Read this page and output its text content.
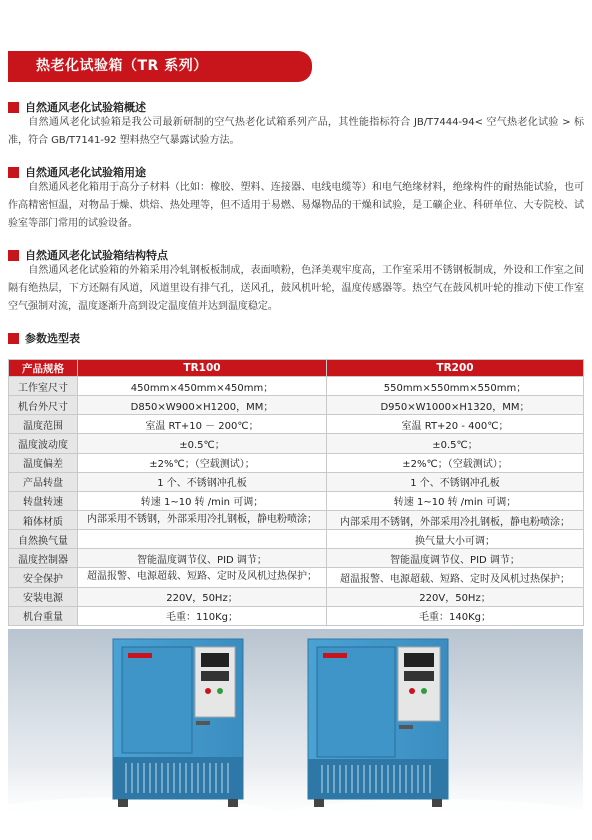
热老化试验箱（TR 系列）
自然通风老化试验箱概述

自然通风老化试验箱是我公司最新研制的空气热老化试箱系列产品，其性能指标符合 JB/T7444-94< 空气热老化试验 > 标准，符合 GB/T7141-92 塑料热空气暴露试验方法。

自然通风老化试验箱用途

自然通风老化箱用于高分子材料（比如：橡胶、塑料、连接器、电线电缆等）和电气绝缘材料，绝缘构件的耐热能试验，也可作高精密恒温，对物品于燥、烘焙、热处理等，但不适用于易燃、易爆物品的干燥和试验，是工礦企业、科研单位、大专院校、试验室等部门常用的试验设备。

自然通风老化试验箱结构特点

自然通风老化试验箱的外箱采用冷轧钢板板制成，表面喷粉，色泽美观牢度高，工作室采用不锈钢板制成，外设和工作室之间隔有绝热层，下方还隔有风道，风道里设有排气孔，送风孔，鼓风机叶轮，温度传感器等。热空气在鼓风机叶轮的推动下使工作室空气强制对流，温度逐渐升高到设定温度值并达到温度稳定。

参数选型表
产品规格	TR100	TR200
工作室尺寸	450mm×450mm×450mm；	550mm×550mm×550mm；
机台外尺寸	D850×W900×H1200，MM；	D950×W1000×H1320，MM；
温度范围	室温 RT+10 － 200℃；	室温 RT+20 - 400℃；
温度波动度	±0.5℃；	±0.5℃；
温度偏差	±2%℃；（空载测试）；	±2%℃；（空载测试）；
产品转盘	1 个、不锈钢冲孔板	1 个、不锈钢冲孔板
转盘转速	转速 1~10 转 /min 可调；	转速 1~10 转 /min 可调；
箱体材质	内部采用不锈钢，外部采用冷扎钢板，静电粉喷涂；	内部采用不锈钢，外部采用冷扎钢板，静电粉喷涂；
自然换气量		换气量大小可调；
温度控制器	智能温度调节仪、PID 调节；	智能温度调节仪、PID 调节；
安全保护	超温报警、电源超载、短路、定时及风机过热保护；	超温报警、电源超载、短路、定时及风机过热保护；
安装电源	220V，50Hz；	220V，50Hz；
机台重量	毛重：110Kg；	毛重：140Kg；
